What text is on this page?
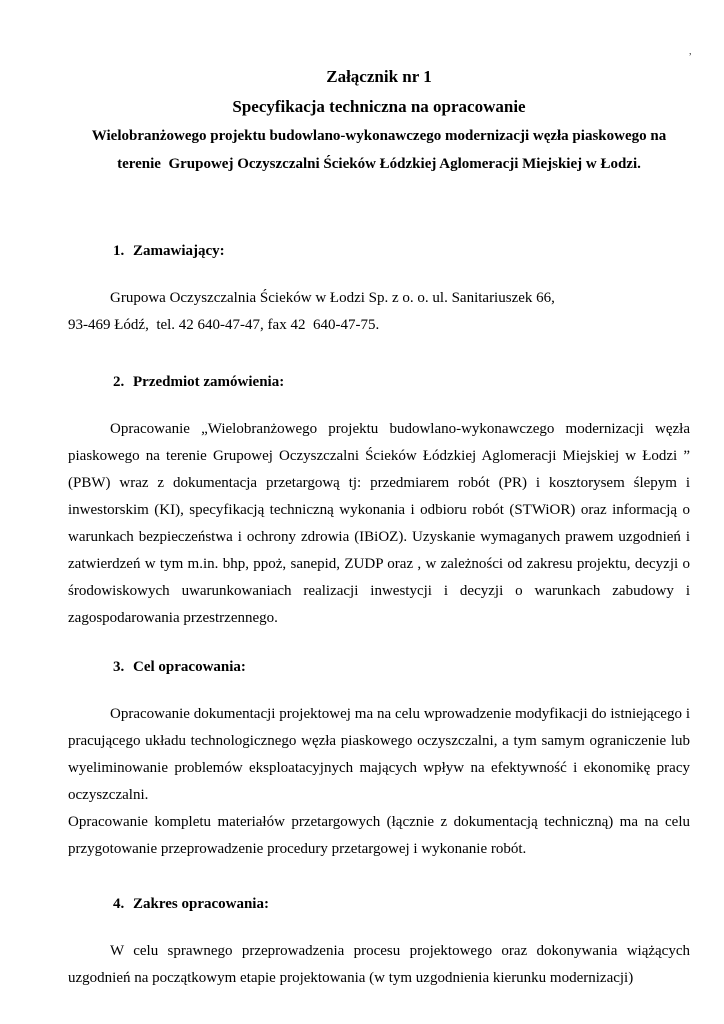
’
Załącznik nr 1
Specyfikacja techniczna na opracowanie
Wielobranżowego projektu budowlano-wykonawczego modernizacji węzła piaskowego na
terenie  Grupowej Oczyszczalni Ścieków Łódzkiej Aglomeracji Miejskiej w Łodzi.
1. Zamawiający:
Grupowa Oczyszczalnia Ścieków w Łodzi Sp. z o. o. ul. Sanitariuszek 66,
93-469 Łódź,  tel. 42 640-47-47, fax 42  640-47-75.
2. Przedmiot zamówienia:

Opracowanie „Wielobranżowego projektu budowlano-wykonawczego modernizacji węzła piaskowego na terenie Grupowej Oczyszczalni Ścieków Łódzkiej Aglomeracji Miejskiej w Łodzi ” (PBW) wraz z dokumentacja przetargową tj: przedmiarem robót (PR) i kosztorysem ślepym i inwestorskim (KI), specyfikacją techniczną wykonania i odbioru robót (STWiOR) oraz informacją o warunkach bezpieczeństwa i ochrony zdrowia (IBiOZ). Uzyskanie wymaganych prawem uzgodnień i zatwierdzeń w tym m.in. bhp, ppoż, sanepid, ZUDP oraz , w zależności od zakresu projektu, decyzji o środowiskowych uwarunkowaniach realizacji inwestycji i decyzji o warunkach zabudowy i zagospodarowania przestrzennego.

3. Cel opracowania:

Opracowanie dokumentacji projektowej ma na celu wprowadzenie modyfikacji do istniejącego i pracującego układu technologicznego węzła piaskowego oczyszczalni, a tym samym ograniczenie lub wyeliminowanie problemów eksploatacyjnych mających wpływ na efektywność i ekonomikę pracy oczyszczalni.

Opracowanie kompletu materiałów przetargowych (łącznie z dokumentacją techniczną) ma na celu przygotowanie przeprowadzenie procedury przetargowej i wykonanie robót.

4. Zakres opracowania:

W celu sprawnego przeprowadzenia procesu projektowego oraz dokonywania wiążących uzgodnień na początkowym etapie projektowania (w tym uzgodnienia kierunku modernizacji)
